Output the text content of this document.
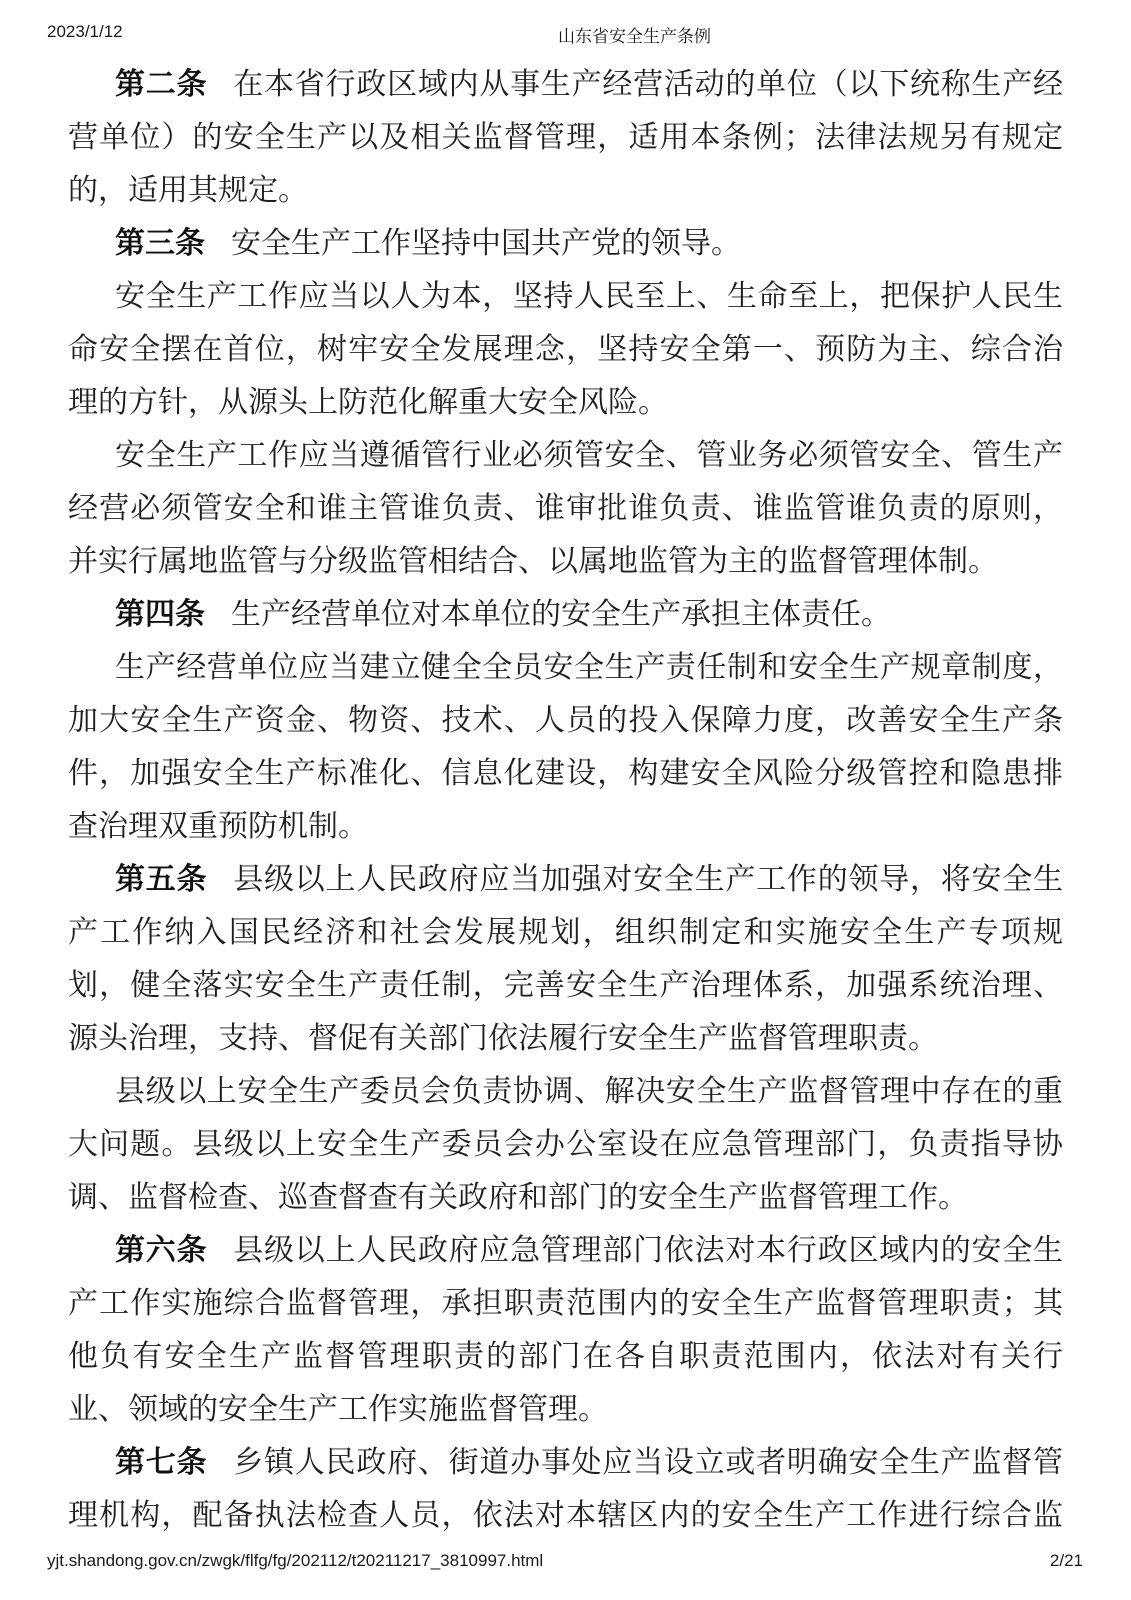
2023/1/12	山东省安全生产条例
第二条 在本省行政区域内从事生产经营活动的单位（以下统称生产经
营单位）的安全生产以及相关监督管理，适用本条例；法律法规另有规定
的，适用其规定。
第三条 安全生产工作坚持中国共产党的领导。
安全生产工作应当以人为本，坚持人民至上、生命至上，把保护人民生
命安全摆在首位，树牢安全发展理念，坚持安全第一、预防为主、综合治
理的方针，从源头上防范化解重大安全风险。
安全生产工作应当遵循管行业必须管安全、管业务必须管安全、管生产
经营必须管安全和谁主管谁负责、谁审批谁负责、谁监管谁负责的原则，
并实行属地监管与分级监管相结合、以属地监管为主的监督管理体制。
第四条 生产经营单位对本单位的安全生产承担主体责任。
生产经营单位应当建立健全全员安全生产责任制和安全生产规章制度，
加大安全生产资金、物资、技术、人员的投入保障力度，改善安全生产条
件，加强安全生产标准化、信息化建设，构建安全风险分级管控和隐患排
查治理双重预防机制。
第五条 县级以上人民政府应当加强对安全生产工作的领导，将安全生
产工作纳入国民经济和社会发展规划，组织制定和实施安全生产专项规
划，健全落实安全生产责任制，完善安全生产治理体系，加强系统治理、
源头治理，支持、督促有关部门依法履行安全生产监督管理职责。
县级以上安全生产委员会负责协调、解决安全生产监督管理中存在的重
大问题。县级以上安全生产委员会办公室设在应急管理部门，负责指导协
调、监督检查、巡查督查有关政府和部门的安全生产监督管理工作。
第六条 县级以上人民政府应急管理部门依法对本行政区域内的安全生
产工作实施综合监督管理，承担职责范围内的安全生产监督管理职责；其
他负有安全生产监督管理职责的部门在各自职责范围内，依法对有关行
业、领域的安全生产工作实施监督管理。
第七条 乡镇人民政府、街道办事处应当设立或者明确安全生产监督管
理机构，配备执法检查人员，依法对本辖区内的安全生产工作进行综合监
yjt.shandong.gov.cn/zwgk/flfg/fg/202112/t20211217_3810997.html	2/21
